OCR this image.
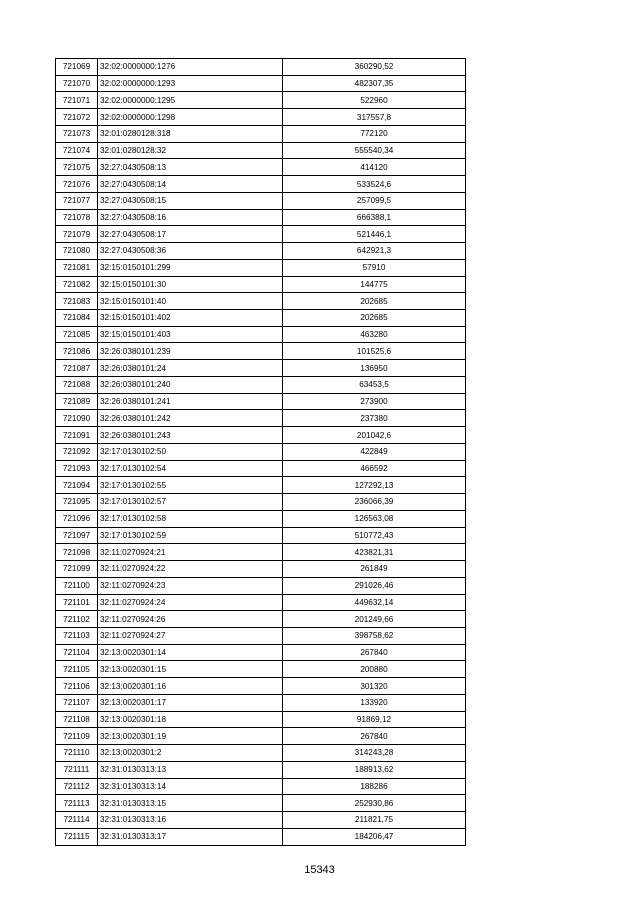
721069	32:02:0000000:1276	360290,52
721070	32:02:0000000:1293	482307,35
721071	32:02:0000000:1295	522960
721072	32:02:0000000:1298	317557,8
721073	32:01:0280128:318	772120
721074	32:01:0280128:32	555540,34
721075	32:27:0430508:13	414120
721076	32:27:0430508:14	533524,6
721077	32:27:0430508:15	257099,5
721078	32:27:0430508:16	666388,1
721079	32:27:0430508:17	521446,1
721080	32:27:0430508:36	642921,3
721081	32:15:0150101:299	57910
721082	32:15:0150101:30	144775
721083	32:15:0150101:40	202685
721084	32:15:0150101:402	202685
721085	32:15:0150101:403	463280
721086	32:26:0380101:239	101525,6
721087	32:26:0380101:24	136950
721088	32:26:0380101:240	63453,5
721089	32:26:0380101:241	273900
721090	32:26:0380101:242	237380
721091	32:26:0380101:243	201042,6
721092	32:17:0130102:50	422849
721093	32:17:0130102:54	466592
721094	32:17:0130102:55	127292,13
721095	32:17:0130102:57	236066,39
721096	32:17:0130102:58	126563,08
721097	32:17:0130102:59	510772,43
721098	32:11:0270924:21	423821,31
721099	32:11:0270924:22	261849
721100	32:11:0270924:23	291026,46
721101	32:11:0270924:24	449632,14
721102	32:11:0270924:26	201249,66
721103	32:11:0270924:27	398758,62
721104	32:13:0020301:14	267840
721105	32:13:0020301:15	200880
721106	32:13:0020301:16	301320
721107	32:13:0020301:17	133920
721108	32:13:0020301:18	91869,12
721109	32:13:0020301:19	267840
721110	32:13:0020301:2	314243,28
721111	32:31:0130313:13	188913,62
721112	32:31:0130313:14	188286
721113	32:31:0130313:15	252930,86
721114	32:31:0130313:16	211821,75
721115	32:31:0130313:17	184206,47
15343
